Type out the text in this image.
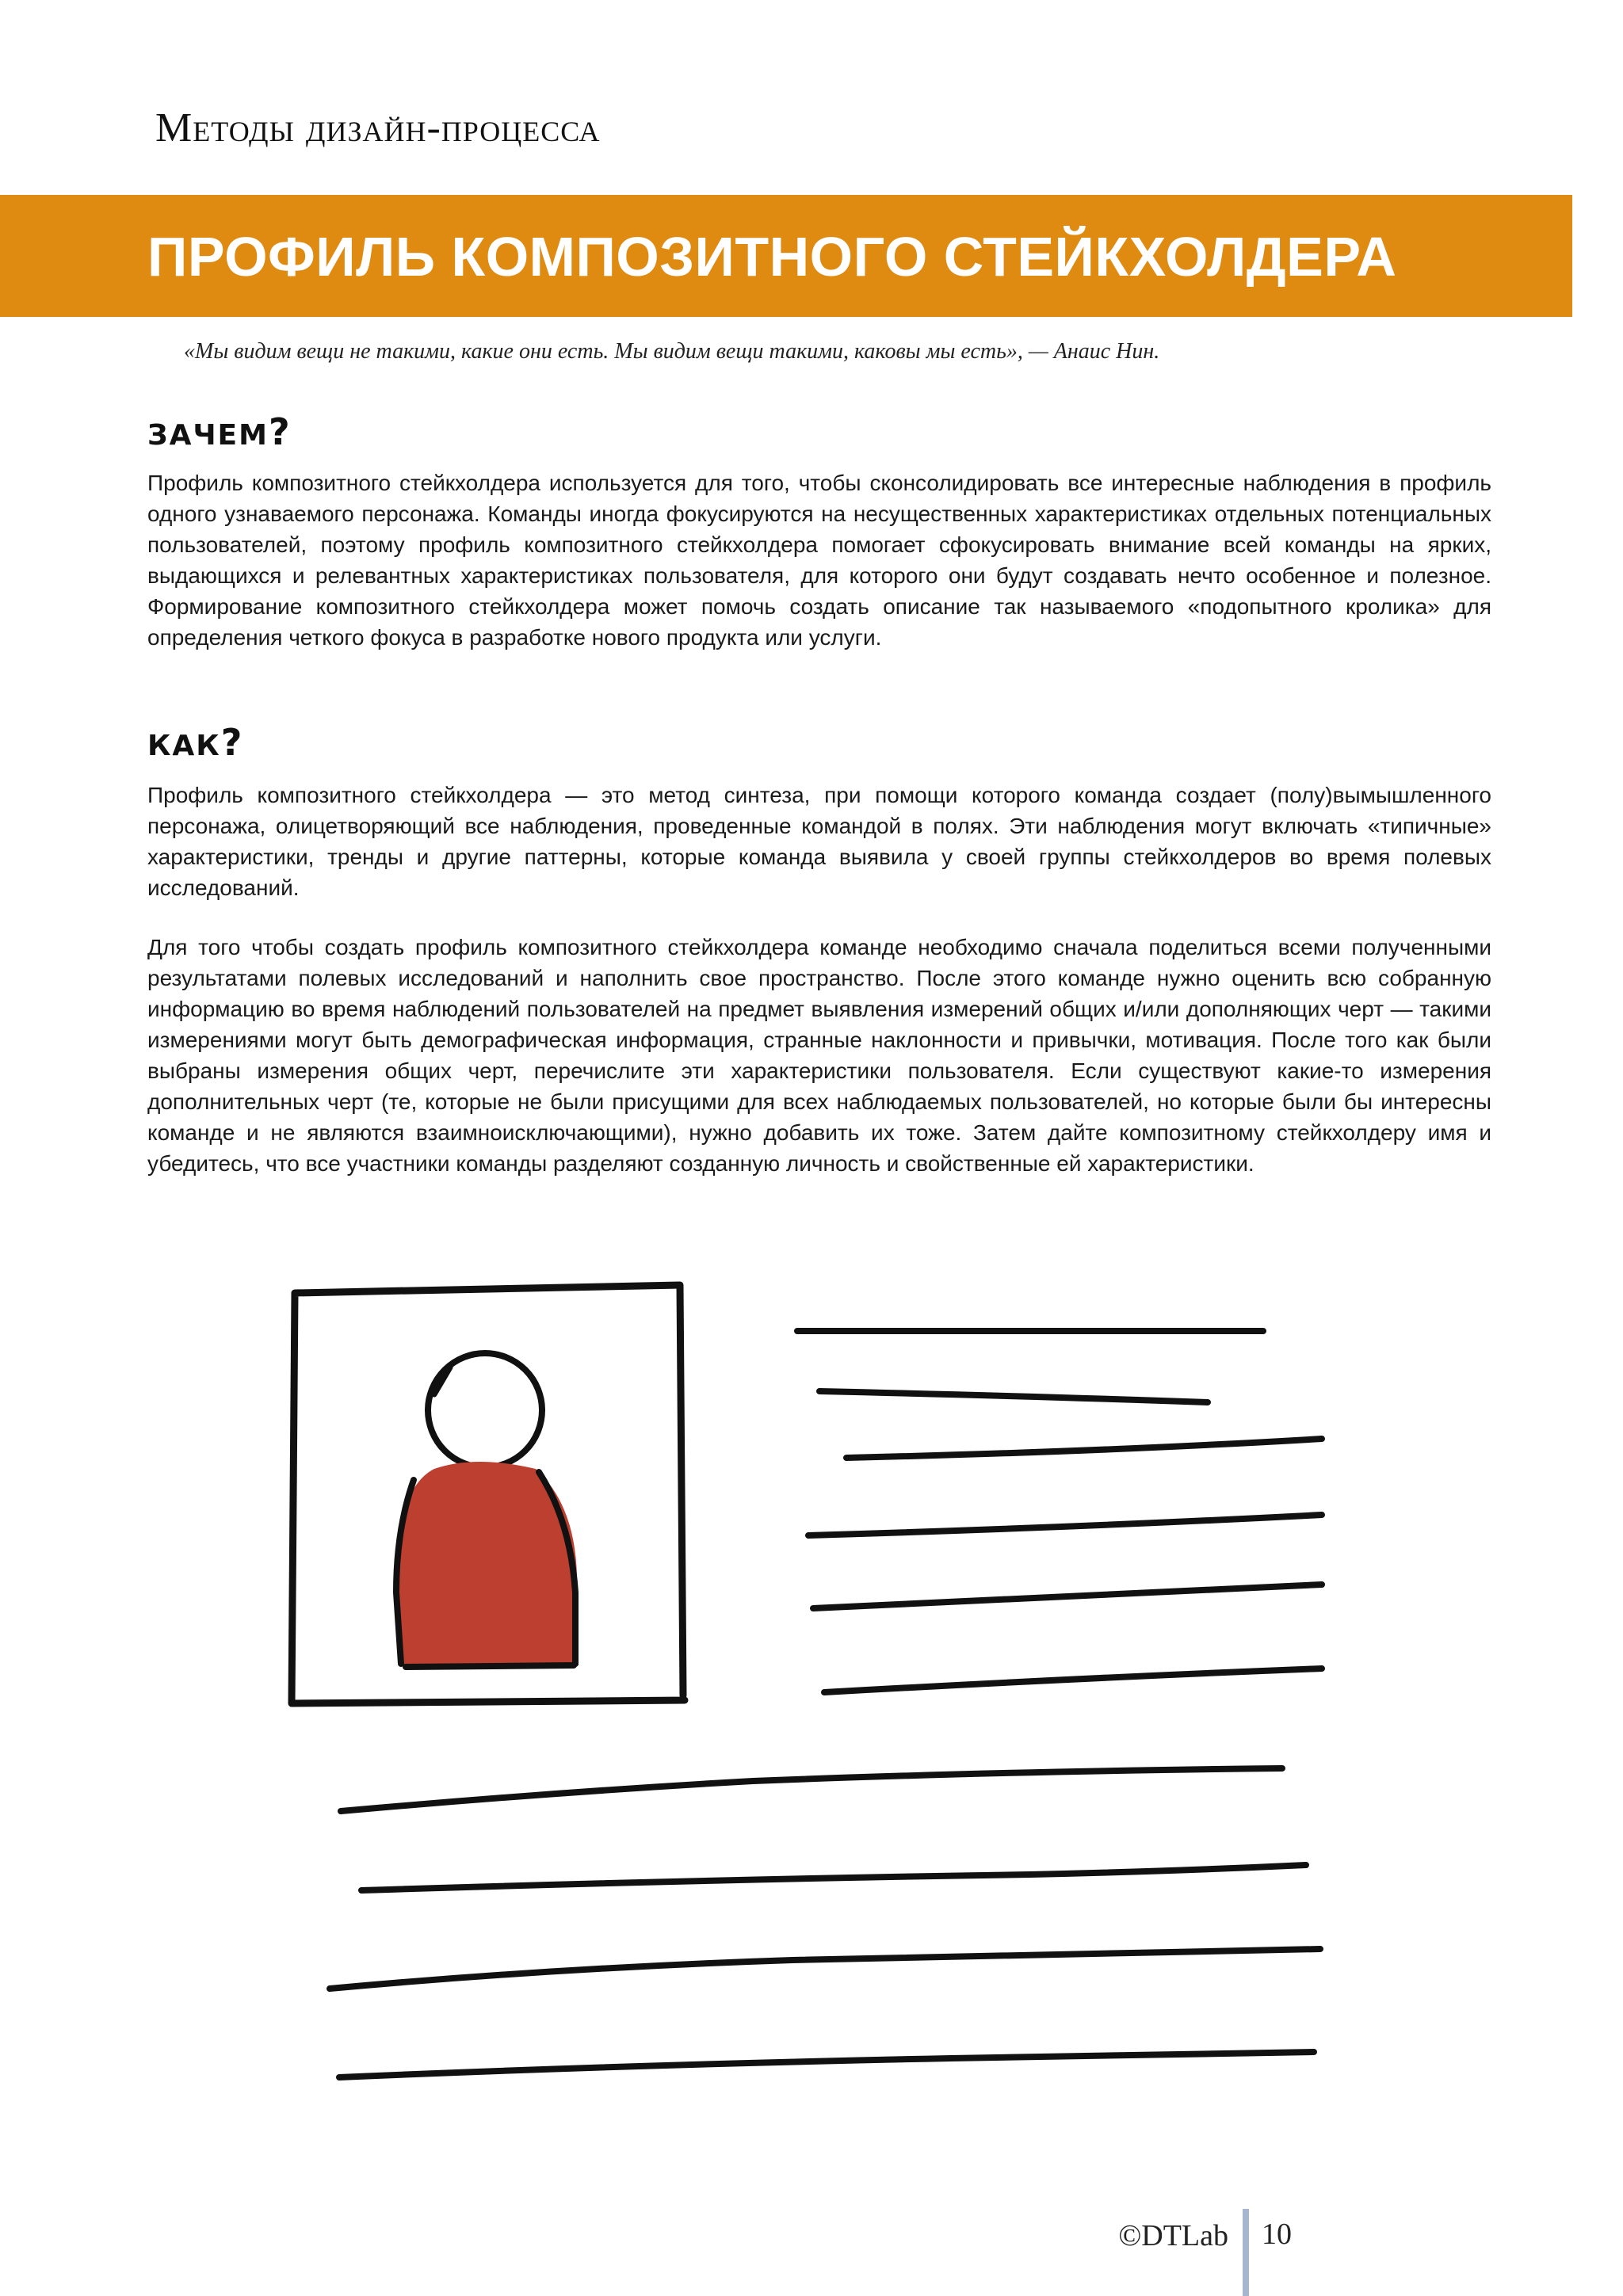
Методы дизайн-процесса

ПРОФИЛЬ КОМПОЗИТНОГО СТЕЙКХОЛДЕРА

«Мы видим вещи не такими, какие они есть. Мы видим вещи такими, каковы мы есть», — Анаис Нин.

ЗАЧЕМ?

Профиль композитного стейкхолдера используется для того, чтобы сконсолидировать все интересные наблюдения в профиль одного узнаваемого персонажа. Команды иногда фокусируются на несущественных характеристиках отдельных потенциальных пользователей, поэтому профиль композитного стейкхолдера помогает сфокусировать внимание всей команды на ярких, выдающихся и релевантных характеристиках пользователя, для которого они будут создавать нечто особенное и полезное. Формирование композитного стейкхолдера может помочь создать описание так называемого «подопытного кролика» для определения четкого фокуса в разработке нового продукта или услуги.

КАК?

Профиль композитного стейкхолдера — это метод синтеза, при помощи которого команда создает (полу)вымышленного персонажа, олицетворяющий все наблюдения, проведенные командой в полях. Эти наблюдения могут включать «типичные» характеристики, тренды и другие паттерны, которые команда выявила у своей группы стейкхолдеров во время полевых исследований.

Для того чтобы создать профиль композитного стейкхолдера команде необходимо сначала поделиться всеми полученными результатами полевых исследований и наполнить свое пространство. После этого команде нужно оценить всю собранную информацию во время наблюдений пользователей на предмет выявления измерений общих и/или дополняющих черт — такими измерениями могут быть демографическая информация, странные наклонности и привычки, мотивация. После того как были выбраны измерения общих черт, перечислите эти характеристики пользователя. Если существуют какие-то измерения дополнительных черт (те, которые не были присущими для всех наблюдаемых пользователей, но которые были бы интересны команде и не являются взаимноисключающими), нужно добавить их тоже. Затем дайте композитному стейкхолдеру имя и убедитесь, что все участники команды разделяют созданную личность и свойственные ей характеристики.

©DTLab 10
